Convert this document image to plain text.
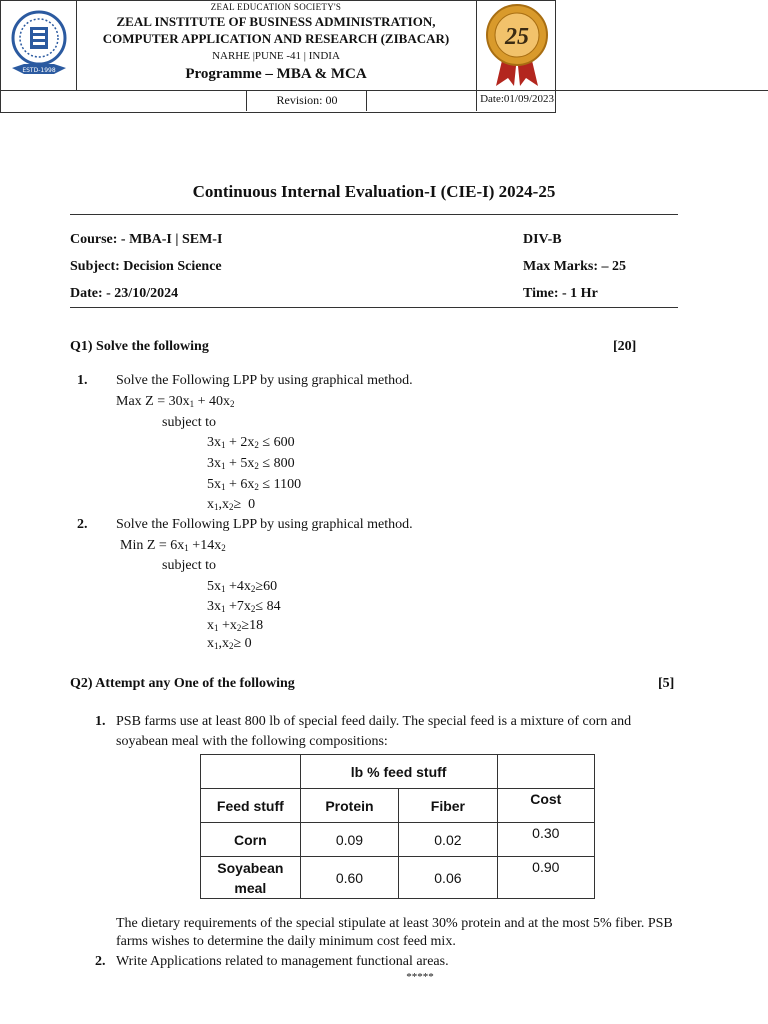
ESTD-1998
ZEAL EDUCATION SOCIETY'S
ZEAL INSTITUTE OF BUSINESS ADMINISTRATION,
COMPUTER APPLICATION AND RESEARCH (ZIBACAR)
NARHE |PUNE -41 | INDIA
Programme – MBA & MCA
25
Revision: 00	Date:01/09/2023
Continuous Internal Evaluation-I (CIE-I) 2024-25
Course: - MBA-I | SEM-I	DIV-B
Subject: Decision Science	Max Marks: – 25
Date: - 23/10/2024	Time: - 1 Hr
Q1) Solve the following	[20]
1. Solve the Following LPP by using graphical method.
Max $Z = 30x_1 + 40x_2$
subject to
$3x_1 + 2x_2 \le 600$
$3x_1 + 5x_2 \le 800$
$5x_1 + 6x_2 \le 1100$
$x_1,x_2\ge 0$
2. Solve the Following LPP by using graphical method.
Min $Z = 6x_1 +14x_2$
subject to
$5x_1 +4x_2\ge 60$
$3x_1 +7x_2\le 84$
$x_1 +x_2\ge 18$
$x_1,x_2\ge 0$
Q2) Attempt any One of the following	[5]
1. PSB farms use at least 800 lb of special feed daily. The special feed is a mixture of corn and
soyabean meal with the following compositions:
	lb % feed stuff		
Feed stuff	Protein	Fiber	Cost
Corn	0.09	0.02	0.30
Soyabean meal	0.60	0.06	0.90
The dietary requirements of the special stipulate at least 30% protein and at the most 5% fiber. PSB
farms wishes to determine the daily minimum cost feed mix.
2. Write Applications related to management functional areas.
*****
